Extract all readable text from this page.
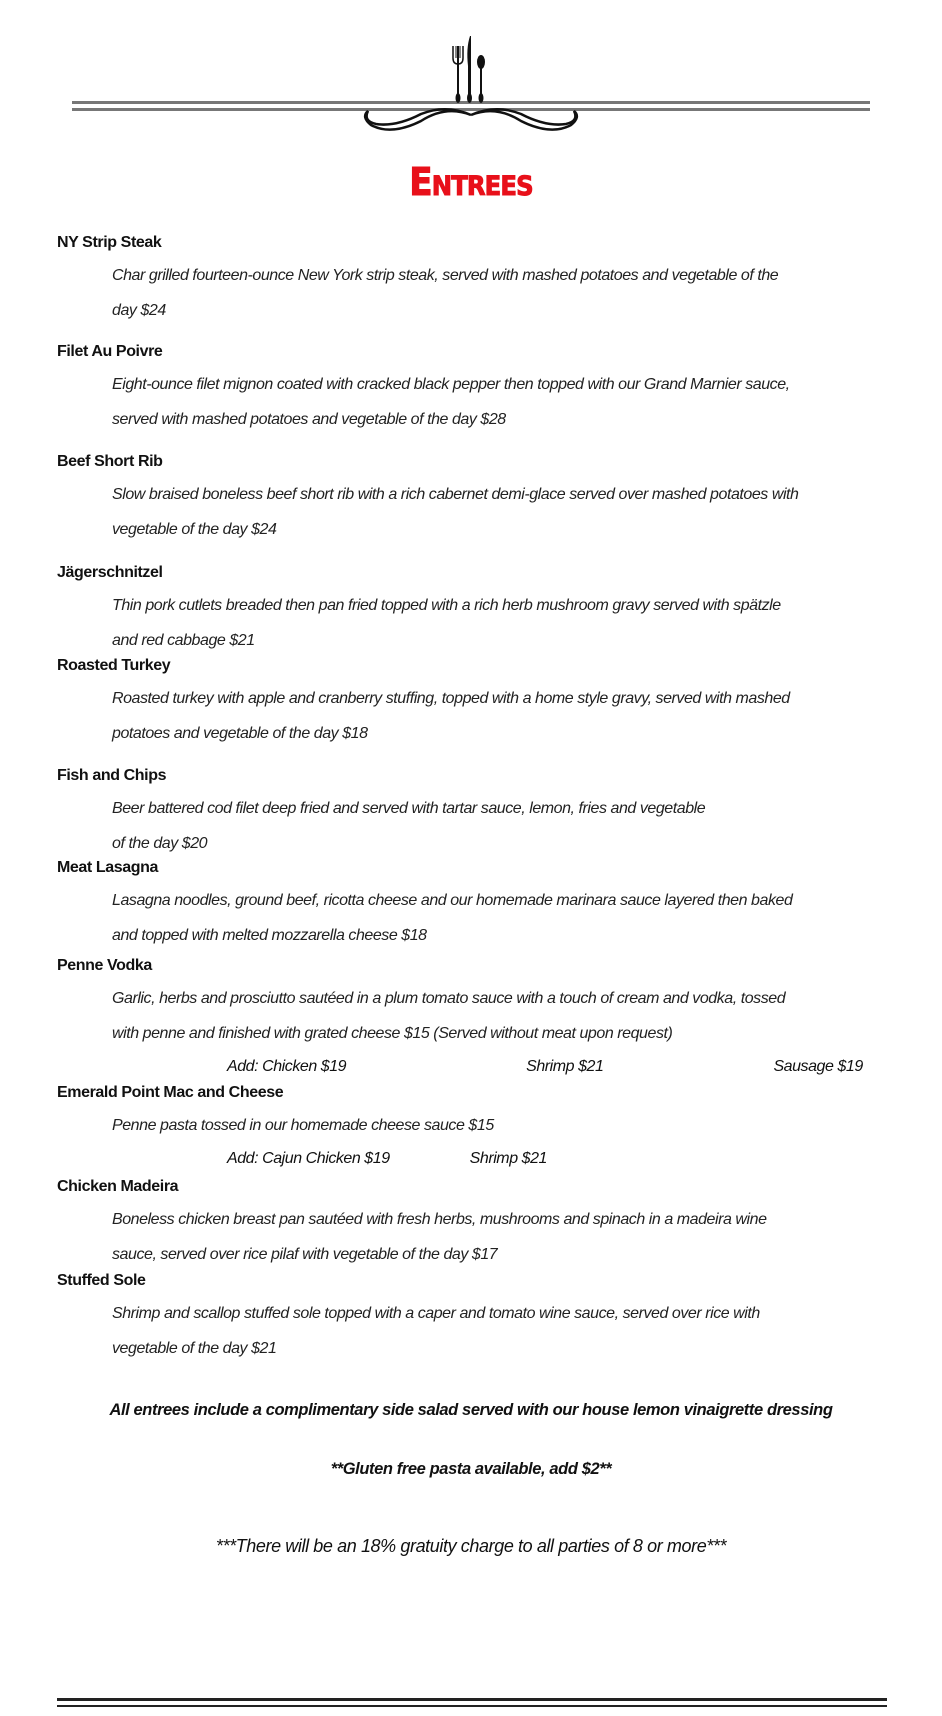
Entrees
NY Strip Steak
Char grilled fourteen-ounce New York strip steak, served with mashed potatoes and vegetable of the
day $24
Filet Au Poivre
Eight-ounce filet mignon coated with cracked black pepper then topped with our Grand Marnier sauce,
served with mashed potatoes and vegetable of the day $28
Beef Short Rib
Slow braised boneless beef short rib with a rich cabernet demi-glace served over mashed potatoes with
vegetable of the day $24
Jägerschnitzel
Thin pork cutlets breaded then pan fried topped with a rich herb mushroom gravy served with spätzle
and red cabbage $21
Roasted Turkey
Roasted turkey with apple and cranberry stuffing, topped with a home style gravy, served with mashed
potatoes and vegetable of the day $18
Fish and Chips
Beer battered cod filet deep fried and served with tartar sauce, lemon, fries and vegetable
of the day $20
Meat Lasagna
Lasagna noodles, ground beef, ricotta cheese and our homemade marinara sauce layered then baked
and topped with melted mozzarella cheese $18
Penne Vodka
Garlic, herbs and prosciutto sautéed in a plum tomato sauce with a touch of cream and vodka, tossed
with penne and finished with grated cheese $15 (Served without meat upon request)
Add: Chicken $19	Shrimp $21	Sausage $19
Emerald Point Mac and Cheese
Penne pasta tossed in our homemade cheese sauce $15
Add: Cajun Chicken $19	Shrimp $21
Chicken Madeira
Boneless chicken breast pan sautéed with fresh herbs, mushrooms and spinach in a madeira wine
sauce, served over rice pilaf with vegetable of the day $17
Stuffed Sole
Shrimp and scallop stuffed sole topped with a caper and tomato wine sauce, served over rice with
vegetable of the day $21
All entrees include a complimentary side salad served with our house lemon vinaigrette dressing
**Gluten free pasta available, add $2**
***There will be an 18% gratuity charge to all parties of 8 or more***
